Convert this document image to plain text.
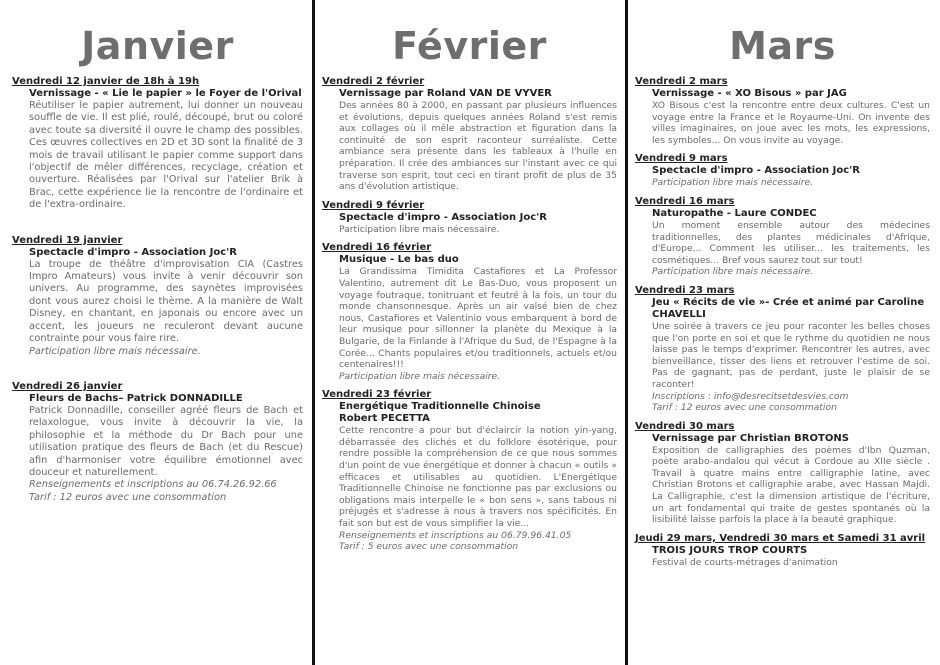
Janvier
Vendredi 12 janvier de 18h à 19h
Vernissage - « Lie le papier » le Foyer de l'Orival
Réutiliser le papier autrement, lui donner un nouveau souffle de vie. Il est plié, roulé, découpé, brut ou coloré avec toute sa diversité il ouvre le champ des possibles. Ces œuvres collectives en 2D et 3D sont la finalité de 3 mois de travail utilisant le papier comme support dans l'objectif de mêler différences, recyclage, création et ouverture. Réalisées par l'Orival sur l'atelier Brik à Brac, cette expérience lie la rencontre de l'ordinaire et de l'extra-ordinaire.
Vendredi 19 janvier
Spectacle d'impro - Association Joc'R
La troupe de théâtre d'improvisation CIA (Castres Impro Amateurs) vous invite à venir découvrir son univers. Au programme, des saynètes improvisées dont vous aurez choisi le thème. A la manière de Walt Disney, en chantant, en japonais ou encore avec un accent, les joueurs ne reculeront devant aucune contrainte pour vous faire rire.
Participation libre mais nécessaire.
Vendredi 26 janvier
Fleurs de Bachs– Patrick DONNADILLE
Patrick Donnadille, conseiller agréé fleurs de Bach et relaxologue, vous invite à découvrir la vie, la philosophie et la méthode du Dr Bach pour une utilisation pratique des fleurs de Bach (et du Rescue) afin d'harmoniser votre équilibre émotionnel avec douceur et naturellement.
Renseignements et inscriptions au 06.74.26.92.66
Tarif : 12 euros avec une consommation
Février
Vendredi 2 février
Vernissage par Roland VAN DE VYVER
Des années 80 à 2000, en passant par plusieurs influences et évolutions, depuis quelques années Roland s'est remis aux collages où il mêle abstraction et figuration dans la continuité de son esprit raconteur surréaliste. Cette ambiance sera présente dans les tableaux à l'huile en préparation. Il crée des ambiances sur l'instant avec ce qui traverse son esprit, tout ceci en tirant profit de plus de 35 ans d'évolution artistique.
Vendredi 9 février
Spectacle d'impro - Association Joc'R
Participation libre mais nécessaire.
Vendredi 16 février
Musique - Le bas duo
La Grandissima Timidita Castafiores et La Professor Valentino, autrement dit Le Bas-Duo, vous proposent un voyage foutraque, tonitruant et feutré à la fois, un tour du monde chansonnesque. Après un air valsé bien de chez nous, Castafiores et Valentinio vous embarquent à bord de leur musique pour sillonner la planète du Mexique à la Bulgarie, de la Finlande à l'Afrique du Sud, de l'Espagne à la Corée... Chants populaires et/ou traditionnels, actuels et/ou centenaires!!!
Participation libre mais nécessaire.
Vendredi 23 février
Energétique Traditionnelle Chinoise
Robert PECETTA
Cette rencontre a pour but d'éclaircir la notion yin-yang, débarrassée des clichés et du folklore ésotérique, pour rendre possible la compréhension de ce que nous sommes d'un point de vue énergétique et donner à chacun « outils » efficaces et utilisables au quotidien. L'Energétique Traditionnelle Chinoise ne fonctionne pas par exclusions ou obligations mais interpelle le « bon sens », sans tabous ni préjugés et s'adresse à nous à travers nos spécificités. En fait son but est de vous simplifier la vie...
Renseignements et inscriptions au 06.79.96.41.05
Tarif : 5 euros avec une consommation
Mars
Vendredi 2 mars
Vernissage - « XO Bisous » par JAG
XO Bisous c'est la rencontre entre deux cultures. C'est un voyage entre la France et le Royaume-Uni. On invente des villes imaginaires, on joue avec les mots, les expressions, les symboles... On vous invite au voyage.
Vendredi 9 mars
Spectacle d'impro - Association Joc'R
Participation libre mais nécessaire.
Vendredi 16 mars
Naturopathe - Laure CONDEC
Un moment ensemble autour des médecines traditionnelles, des plantes médicinales d'Afrique, d'Europe... Comment les utiliser... les traitements, les cosmétiques... Bref vous saurez tout sur tout!
Participation libre mais nécessaire.
Vendredi 23 mars
Jeu « Récits de vie »- Crée et animé par Caroline CHAVELLI
Une soirée à travers ce jeu pour raconter les belles choses que l'on porte en soi et que le rythme du quotidien ne nous laisse pas le temps d'exprimer. Rencontrer les autres, avec bienveillance, tisser des liens et retrouver l'estime de soi. Pas de gagnant, pas de perdant, juste le plaisir de se raconter!
Inscriptions : info@desrecitsetdesvies.com
Tarif : 12 euros avec une consommation
Vendredi 30 mars
Vernissage par Christian BROTONS
Exposition de calligraphies des poèmes d'Ibn Quzman, poète arabo-andalou qui vécut à Cordoue au XIIe siècle . Travail à quatre mains entre calligraphie latine, avec Christian Brotons et calligraphie arabe, avec Hassan Majdi. La Calligraphie, c'est la dimension artistique de l'écriture, un art fondamental qui traite de gestes spontanés où la lisibilité laisse parfois la place à la beauté graphique.
Jeudi 29 mars, Vendredi 30 mars et Samedi 31 avril
TROIS JOURS TROP COURTS
Festival de courts-métrages d'animation
